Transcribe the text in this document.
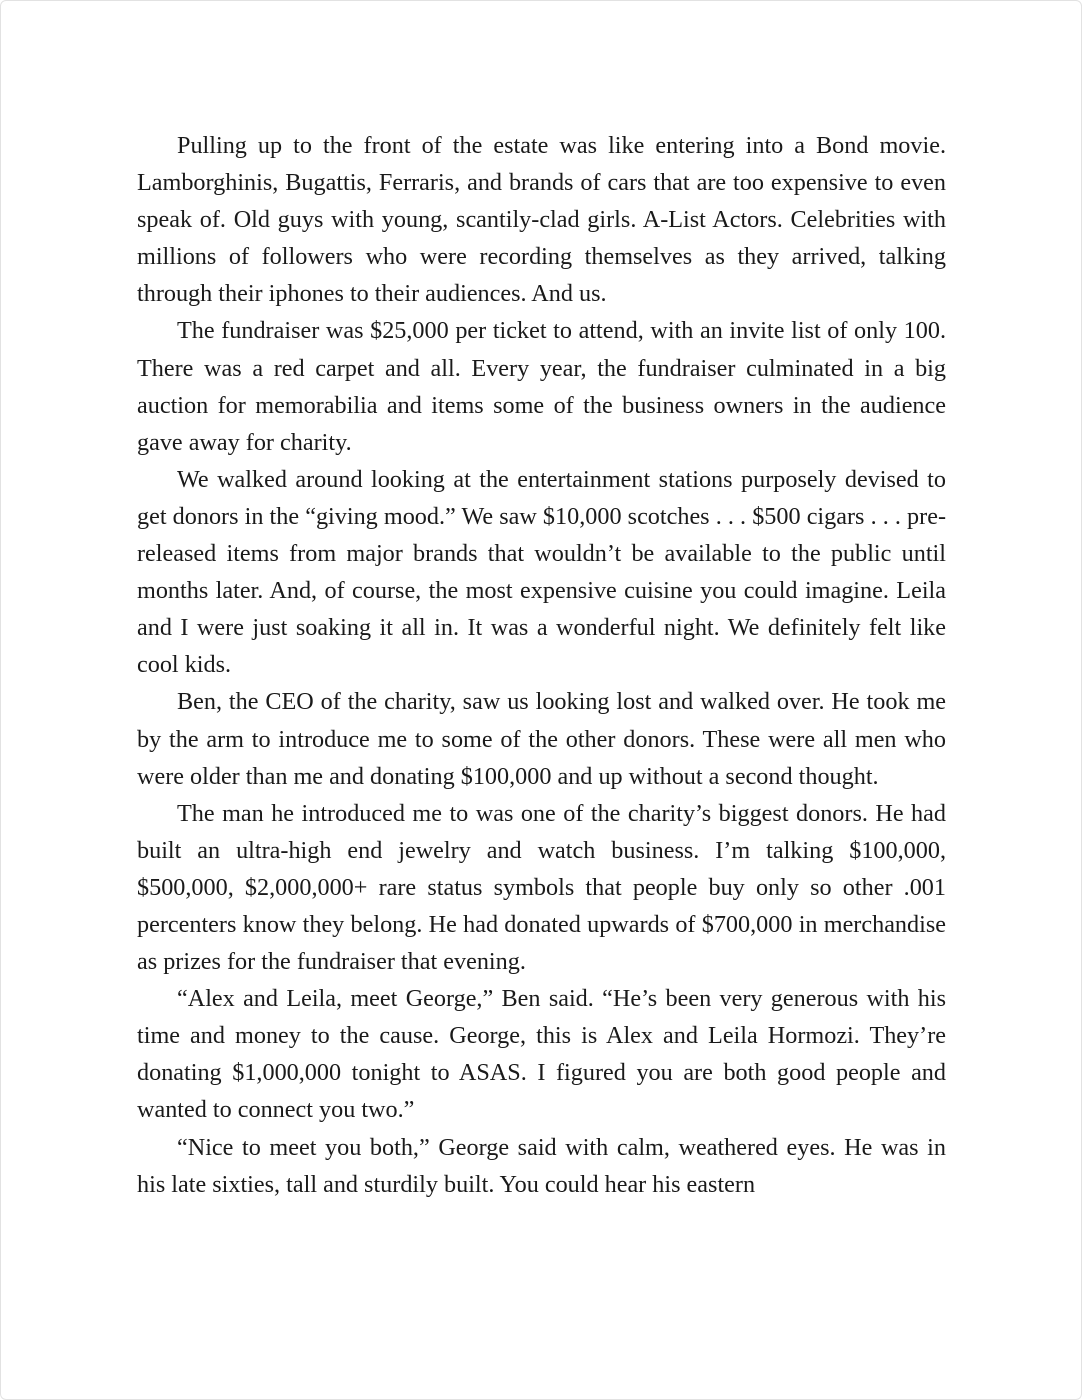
Pulling up to the front of the estate was like entering into a Bond movie. Lamborghinis, Bugattis, Ferraris, and brands of cars that are too expensive to even speak of. Old guys with young, scantily-clad girls. A-List Actors. Celebrities with millions of followers who were recording themselves as they arrived, talking through their iphones to their audiences. And us.

The fundraiser was $25,000 per ticket to attend, with an invite list of only 100. There was a red carpet and all. Every year, the fundraiser culminated in a big auction for memorabilia and items some of the business owners in the audience gave away for charity.

We walked around looking at the entertainment stations purposely devised to get donors in the “giving mood.” We saw $10,000 scotches . . . $500 cigars . . . pre-released items from major brands that wouldn’t be available to the public until months later. And, of course, the most expensive cuisine you could imagine. Leila and I were just soaking it all in. It was a wonderful night. We definitely felt like cool kids.

Ben, the CEO of the charity, saw us looking lost and walked over. He took me by the arm to introduce me to some of the other donors. These were all men who were older than me and donating $100,000 and up without a second thought.

The man he introduced me to was one of the charity’s biggest donors. He had built an ultra-high end jewelry and watch business. I’m talking $100,000, $500,000, $2,000,000+ rare status symbols that people buy only so other .001 percenters know they belong. He had donated upwards of $700,000 in merchandise as prizes for the fundraiser that evening.

“Alex and Leila, meet George,” Ben said. “He’s been very generous with his time and money to the cause. George, this is Alex and Leila Hormozi. They’re donating $1,000,000 tonight to ASAS. I figured you are both good people and wanted to connect you two.”

“Nice to meet you both,” George said with calm, weathered eyes. He was in his late sixties, tall and sturdily built. You could hear his eastern
